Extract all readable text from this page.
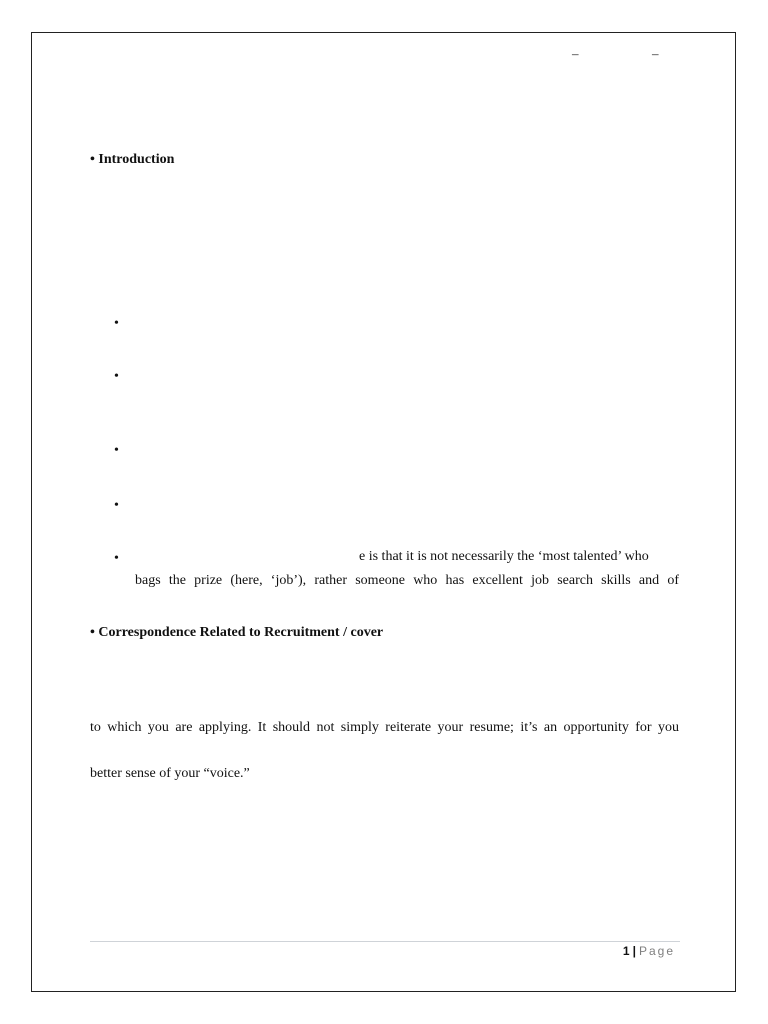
–	–
• Introduction
•
•
•
•
•	e is that it is not necessarily the ‘most talented’ who
bags the prize (here, ‘job’), rather someone who has excellent job search skills and of
• Correspondence Related to Recruitment / cover
to which you are applying. It should not simply reiterate your resume; it’s an opportunity for you
better sense of your “voice.”
1 | Page
